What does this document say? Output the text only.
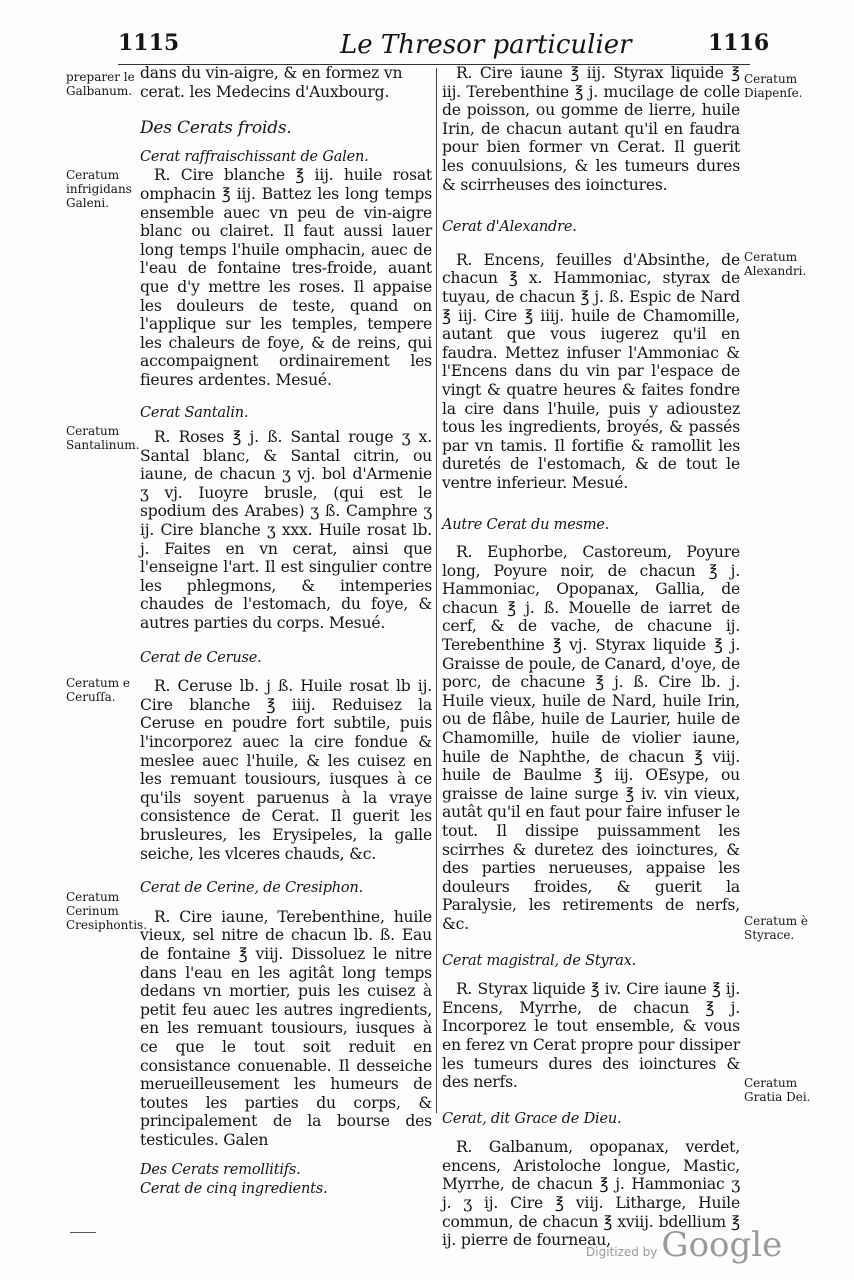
1115	Le Thresor particulier	1116

dans du vin-aigre, & en formez vn cerat. les Medecins d'Auxbourg.

Des Cerats froids.

Cerat raffraischissant de Galen.

R. Cire blanche ℥ iij. huile rosat omphacin ℥ iij. Battez les long temps ensemble auec vn peu de vin-aigre blanc ou clairet. Il faut aussi lauer long temps l'huile omphacin, auec de l'eau de fontaine tres-froide, auant que d'y mettre les roses. Il appaise les douleurs de teste, quand on l'applique sur les temples, tempere les chaleurs de foye, & de reins, qui accompaignent ordinairement les fieures ardentes. Mesué.

Cerat Santalin.

R. Roses ℥ j. ß. Santal rouge ʒ x. Santal blanc, & Santal citrin, ou iaune, de chacun ʒ vj. bol d'Armenie ʒ vj. Iuoyre brusle, (qui est le spodium des Arabes) ʒ ß. Camphre ʒ ij. Cire blanche ʒ xxx. Huile rosat lb. j. Faites en vn cerat, ainsi que l'enseigne l'art. Il est singulier contre les phlegmons, & intemperies chaudes de l'estomach, du foye, & autres parties du corps. Mesué.

Cerat de Ceruse.

R. Ceruse lb. j ß. Huile rosat lb ij. Cire blanche ℥ iiij. Reduisez la Ceruse en poudre fort subtile, puis l'incorporez auec la cire fondue & meslee auec l'huile, & les cuisez en les remuant tousiours, iusques à ce qu'ils soyent paruenus à la vraye consistence de Cerat. Il guerit les brusleures, les Erysipeles, la galle seiche, les vlceres chauds, &c.

Cerat de Cerine, de Cresiphon.

R. Cire iaune, Terebenthine, huile vieux, sel nitre de chacun lb. ß. Eau de fontaine ℥ viij. Dissoluez le nitre dans l'eau en les agitât long temps dedans vn mortier, puis les cuisez à petit feu auec les autres ingredients, en les remuant tousiours, iusques à ce que le tout soit reduit en consistance conuenable. Il desseiche merueilleusement les humeurs de toutes les parties du corps, & principalement de la bourse des testicules. Galen

Des Cerats remollitifs.

Cerat de cinq ingredients.

R. Cire iaune ℥ iij. Styrax liquide ℥ iij. Terebenthine ℥ j. mucilage de colle de poisson, ou gomme de lierre, huile Irin, de chacun autant qu'il en faudra pour bien former vn Cerat. Il guerit les conuulsions, & les tumeurs dures & scirrheuses des ioinctures.

Cerat d'Alexandre.

R. Encens, feuilles d'Absinthe, de chacun ℥ x. Hammoniac, styrax de tuyau, de chacun ℥ j. ß. Espic de Nard ℥ iij. Cire ℥ iiij. huile de Chamomille, autant que vous iugerez qu'il en faudra. Mettez infuser l'Ammoniac & l'Encens dans du vin par l'espace de vingt & quatre heures & faites fondre la cire dans l'huile, puis y adioustez tous les ingredients, broyés, & passés par vn tamis. Il fortifie & ramollit les duretés de l'estomach, & de tout le ventre inferieur. Mesué.

Autre Cerat du mesme.

R. Euphorbe, Castoreum, Poyure long, Poyure noir, de chacun ℥ j. Hammoniac, Opopanax, Gallia, de chacun ℥ j. ß. Mouelle de iarret de cerf, & de vache, de chacune ij. Terebenthine ℥ vj. Styrax liquide ℥ j. Graisse de poule, de Canard, d'oye, de porc, de chacune ℥ j. ß. Cire lb. j. Huile vieux, huile de Nard, huile Irin, ou de flâbe, huile de Laurier, huile de Chamomille, huile de violier iaune, huile de Naphthe, de chacun ℥ viij. huile de Baulme ℥ iij. OEsype, ou graisse de laine surge ℥ iv. vin vieux, autât qu'il en faut pour faire infuser le tout. Il dissipe puissamment les scirrhes & duretez des ioinctures, & des parties nerueuses, appaise les douleurs froides, & guerit la Paralysie, les retirements de nerfs, &c.

Cerat magistral, de Styrax.

R. Styrax liquide ℥ iv. Cire iaune ℥ ij. Encens, Myrrhe, de chacun ℥ j. Incorporez le tout ensemble, & vous en ferez vn Cerat propre pour dissiper les tumeurs dures des ioinctures & des nerfs.

Cerat, dit Grace de Dieu.

R. Galbanum, opopanax, verdet, encens, Aristoloche longue, Mastic, Myrrhe, de chacun ℥ j. Hammoniac ʒ j. ʒ ij. Cire ℥ viij. Litharge, Huile commun, de chacun ℥ xviij. bdellium ℥ ij. pierre de fourneau,

preparer le Galbanum.
Ceratum infrigidans Galeni.
Ceratum Santalinum.
Ceratum e Ceruſſa.
Ceratum Cerinum Cresiphontis.
Ceratum Diapenſe.
Ceratum Alexandri.
Ceratum è Styrace.
Ceratum Gratia Dei.
Digitized by Google
